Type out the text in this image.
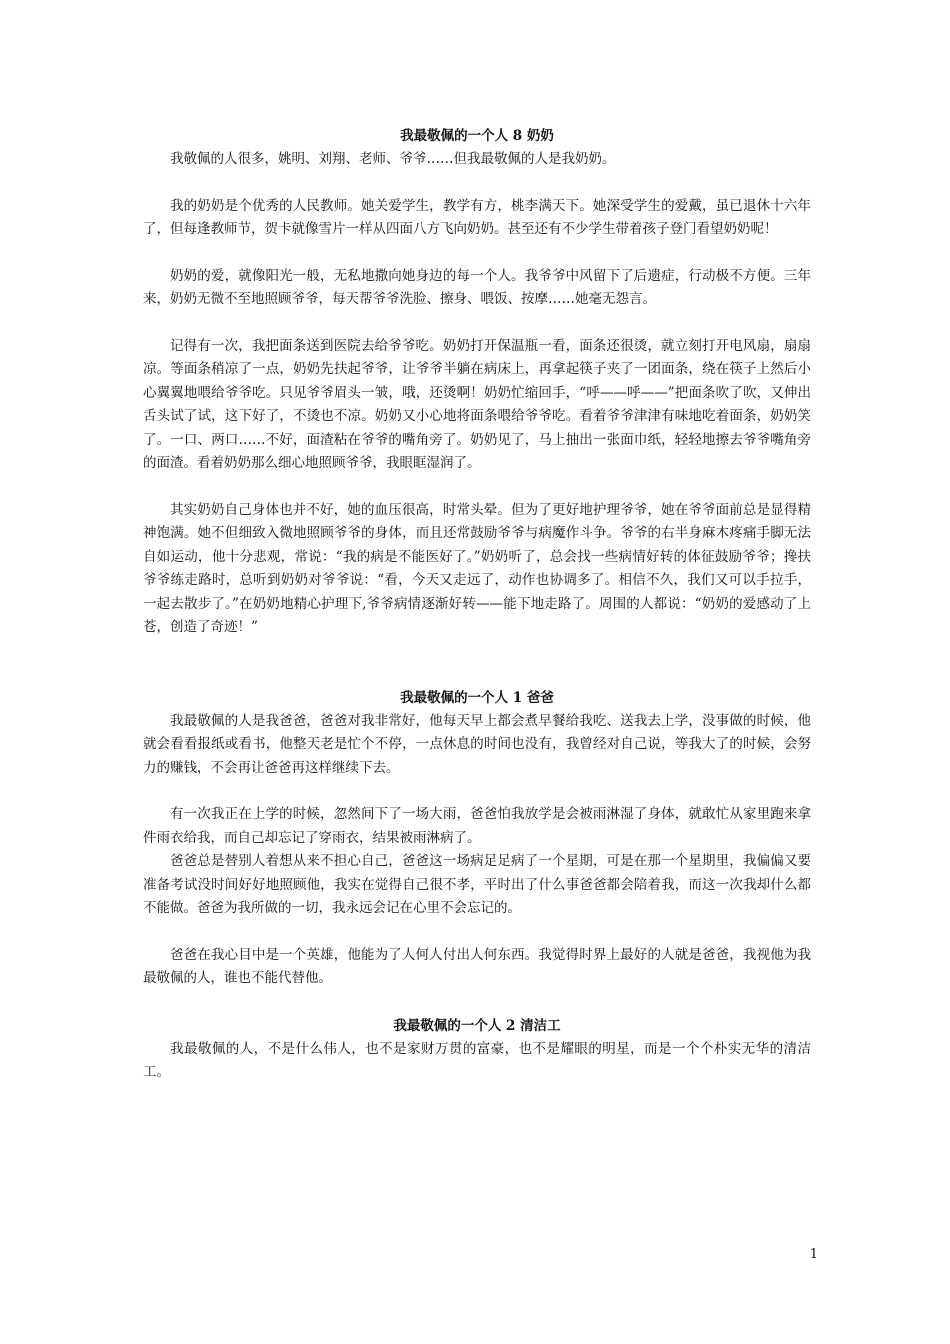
我最敬佩的一个人 8 奶奶

我敬佩的人很多，姚明、刘翔、老师、爷爷……但我最敬佩的人是我奶奶。

我的奶奶是个优秀的人民教师。她关爱学生，教学有方，桃李满天下。她深受学生的爱戴，虽已退休十六年了，但每逢教师节，贺卡就像雪片一样从四面八方飞向奶奶。甚至还有不少学生带着孩子登门看望奶奶呢！

奶奶的爱，就像阳光一般，无私地撒向她身边的每一个人。我爷爷中风留下了后遗症，行动极不方便。三年来，奶奶无微不至地照顾爷爷，每天帮爷爷洗脸、擦身、喂饭、按摩……她毫无怨言。

记得有一次，我把面条送到医院去给爷爷吃。奶奶打开保温瓶一看，面条还很烫，就立刻打开电风扇，扇扇凉。等面条稍凉了一点，奶奶先扶起爷爷，让爷爷半躺在病床上，再拿起筷子夹了一团面条，绕在筷子上然后小心翼翼地喂给爷爷吃。只见爷爷眉头一皱，哦，还烫啊！奶奶忙缩回手，“呼——呼——”把面条吹了吹，又伸出舌头试了试，这下好了，不烫也不凉。奶奶又小心地将面条喂给爷爷吃。看着爷爷津津有味地吃着面条，奶奶笑了。一口、两口……不好，面渣粘在爷爷的嘴角旁了。奶奶见了，马上抽出一张面巾纸，轻轻地擦去爷爷嘴角旁的面渣。看着奶奶那么细心地照顾爷爷，我眼眶湿润了。

其实奶奶自己身体也并不好，她的血压很高，时常头晕。但为了更好地护理爷爷，她在爷爷面前总是显得精神饱满。她不但细致入微地照顾爷爷的身体，而且还常鼓励爷爷与病魔作斗争。爷爷的右半身麻木疼痛手脚无法自如运动，他十分悲观，常说：“我的病是不能医好了。”奶奶听了，总会找一些病情好转的体征鼓励爷爷；搀扶爷爷练走路时，总听到奶奶对爷爷说：“看，今天又走远了，动作也协调多了。相信不久，我们又可以手拉手，一起去散步了。”在奶奶地精心护理下,爷爷病情逐渐好转——能下地走路了。周围的人都说：“奶奶的爱感动了上苍，创造了奇迹！”

我最敬佩的一个人 1 爸爸

我最敬佩的人是我爸爸，爸爸对我非常好，他每天早上都会煮早餐给我吃、送我去上学，没事做的时候，他就会看看报纸或看书，他整天老是忙个不停，一点休息的时间也没有，我曾经对自己说，等我大了的时候，会努力的赚钱，不会再让爸爸再这样继续下去。

有一次我正在上学的时候，忽然间下了一场大雨，爸爸怕我放学是会被雨淋湿了身体，就敢忙从家里跑来拿件雨衣给我，而自己却忘记了穿雨衣，结果被雨淋病了。

爸爸总是替别人着想从来不担心自己，爸爸这一场病足足病了一个星期，可是在那一个星期里，我偏偏又要准备考试没时间好好地照顾他，我实在觉得自己很不孝，平时出了什么事爸爸都会陪着我，而这一次我却什么都不能做。爸爸为我所做的一切，我永远会记在心里不会忘记的。

爸爸在我心目中是一个英雄，他能为了人何人付出人何东西。我觉得时界上最好的人就是爸爸，我视他为我最敬佩的人，谁也不能代替他。

我最敬佩的一个人 2 清洁工

我最敬佩的人，不是什么伟人，也不是家财万贯的富豪，也不是耀眼的明星，而是一个个朴实无华的清洁工。

1
